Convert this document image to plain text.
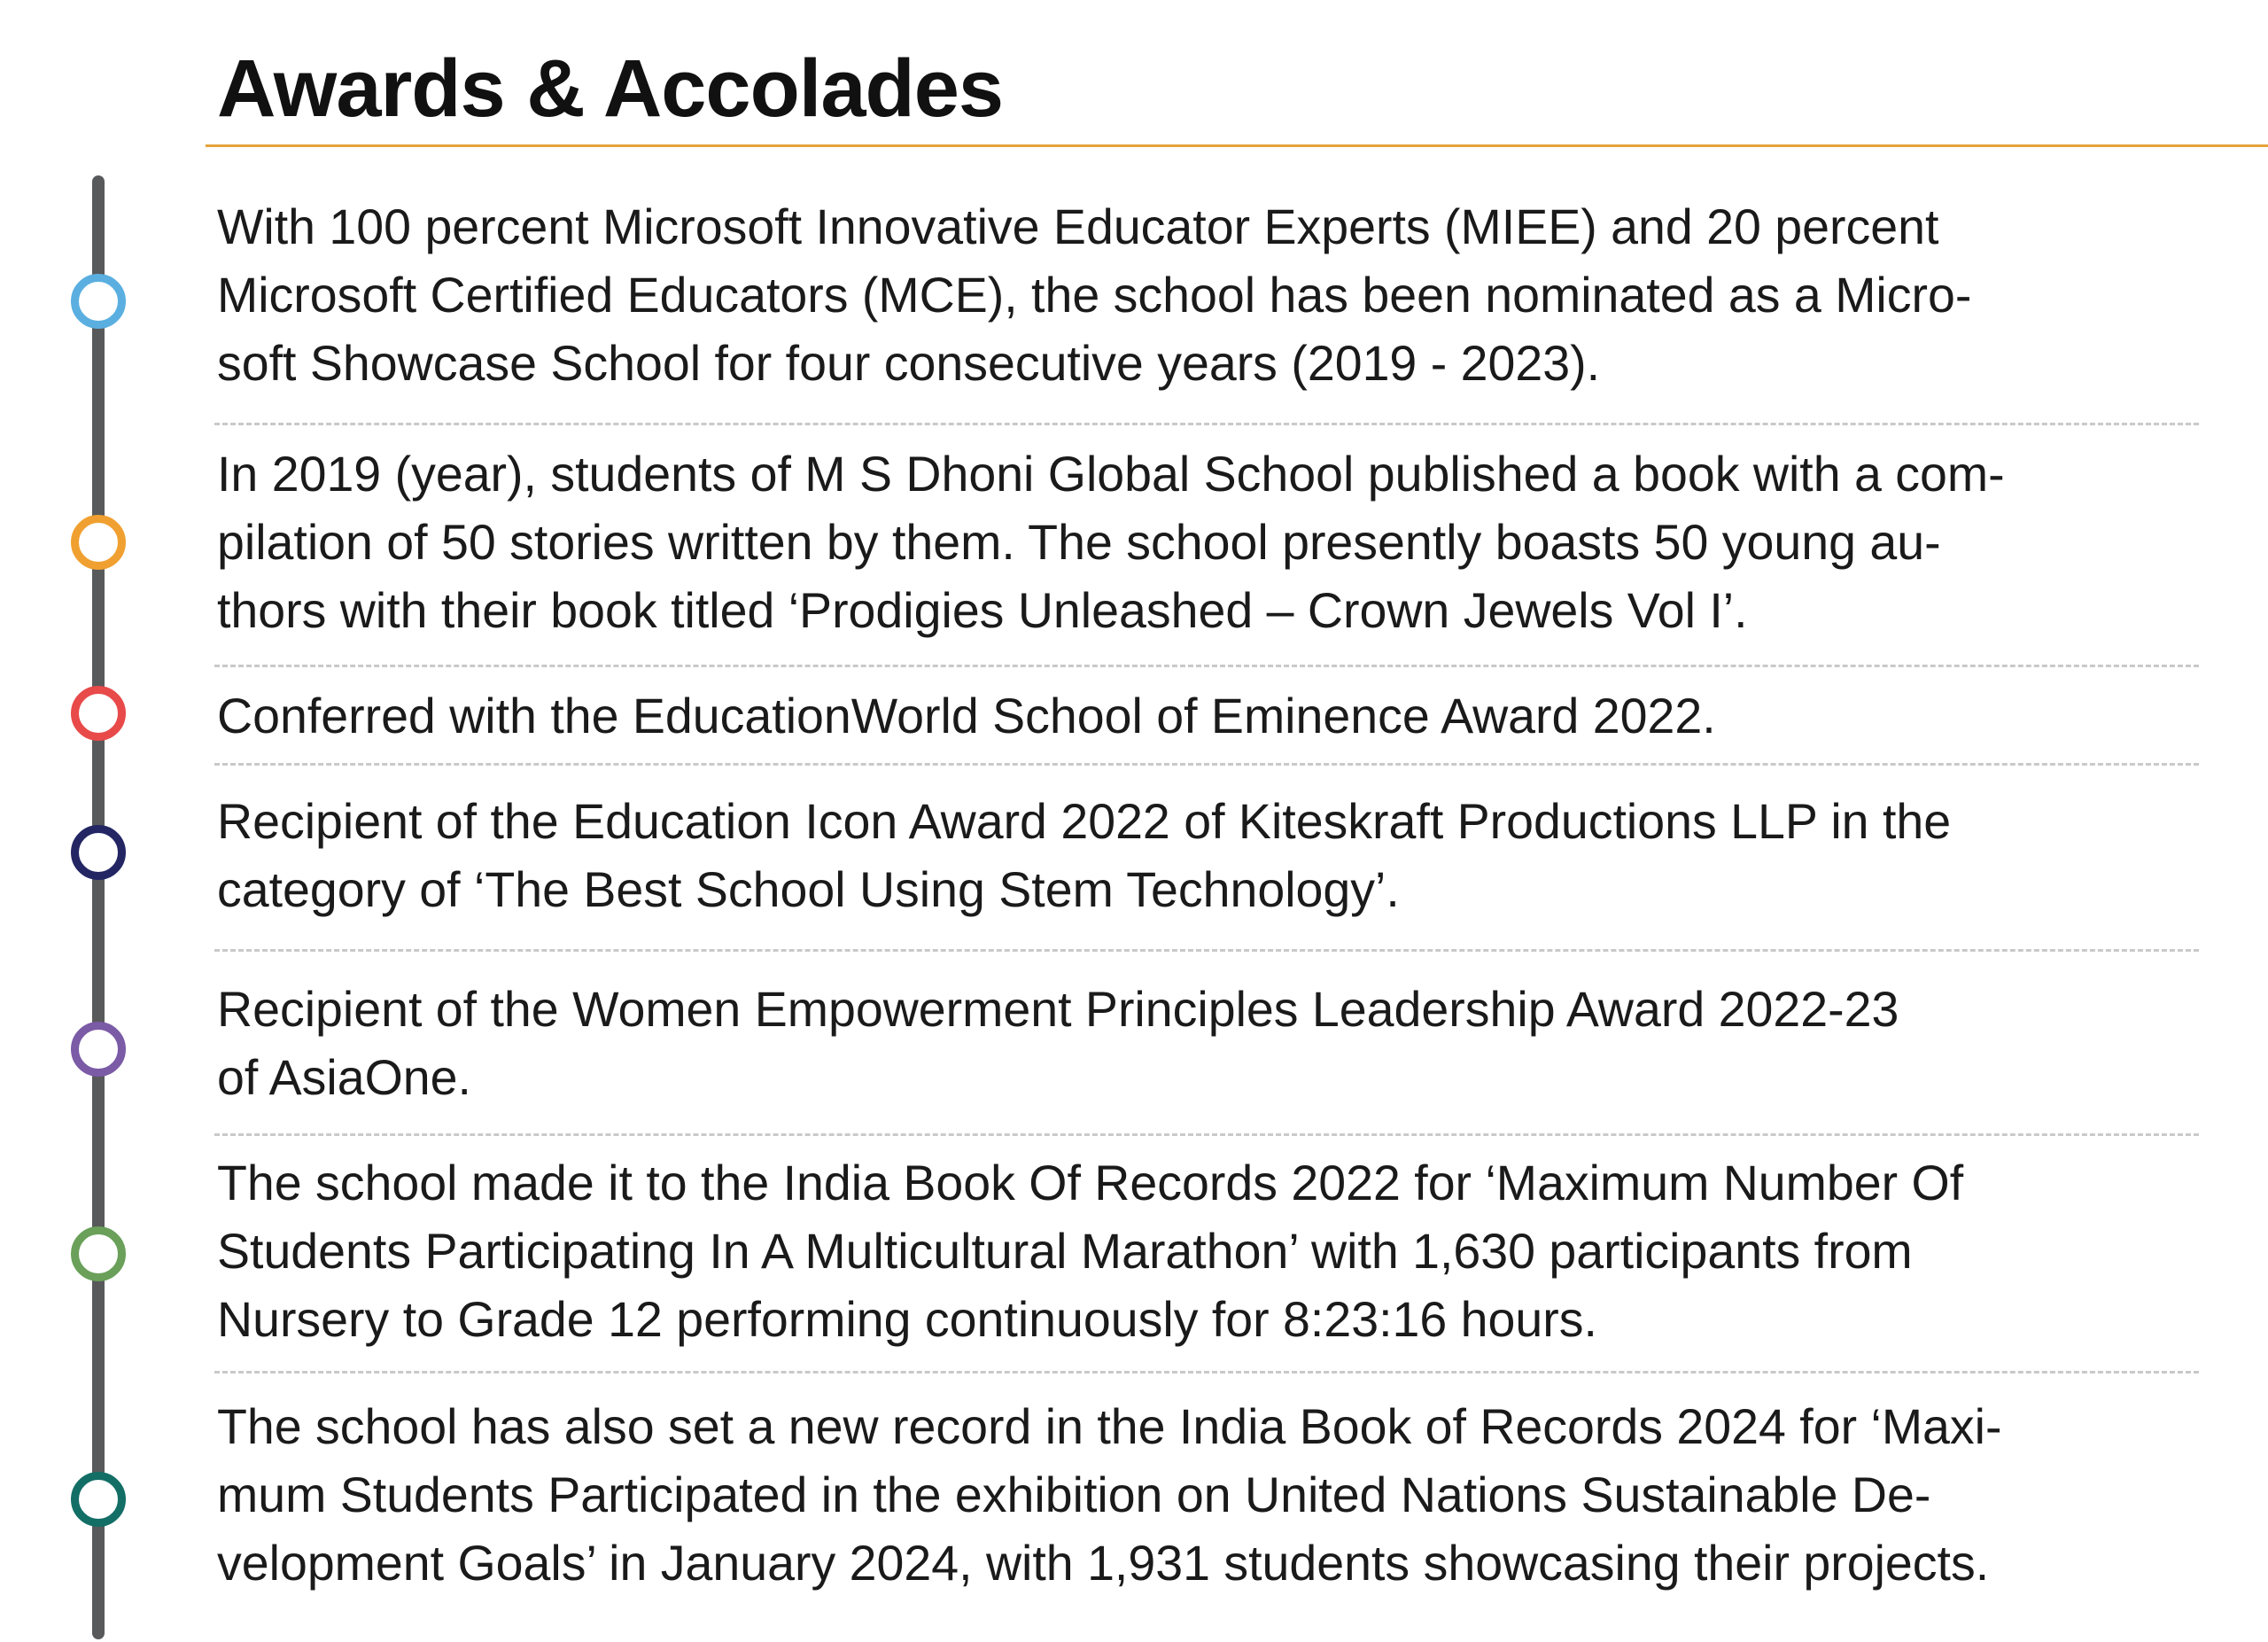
Awards & Accolades

With 100 percent Microsoft Innovative Educator Experts (MIEE) and 20 percent
Microsoft Certified Educators (MCE), the school has been nominated as a Micro-
soft Showcase School for four consecutive years (2019 - 2023).

In 2019 (year), students of M S Dhoni Global School published a book with a com-
pilation of 50 stories written by them. The school presently boasts 50 young au-
thors with their book titled ‘Prodigies Unleashed – Crown Jewels Vol I’.

Conferred with the EducationWorld School of Eminence Award 2022.

Recipient of the Education Icon Award 2022 of Kiteskraft Productions LLP in the
category of ‘The Best School Using Stem Technology’.

Recipient of the Women Empowerment Principles Leadership Award 2022-23
of AsiaOne.

The school made it to the India Book Of Records 2022 for ‘Maximum Number Of
Students Participating In A Multicultural Marathon’ with 1,630 participants from
Nursery to Grade 12 performing continuously for 8:23:16 hours.

The school has also set a new record in the India Book of Records 2024 for ‘Maxi-
mum Students Participated in the exhibition on United Nations Sustainable De-
velopment Goals’ in January 2024, with 1,931 students showcasing their projects.
